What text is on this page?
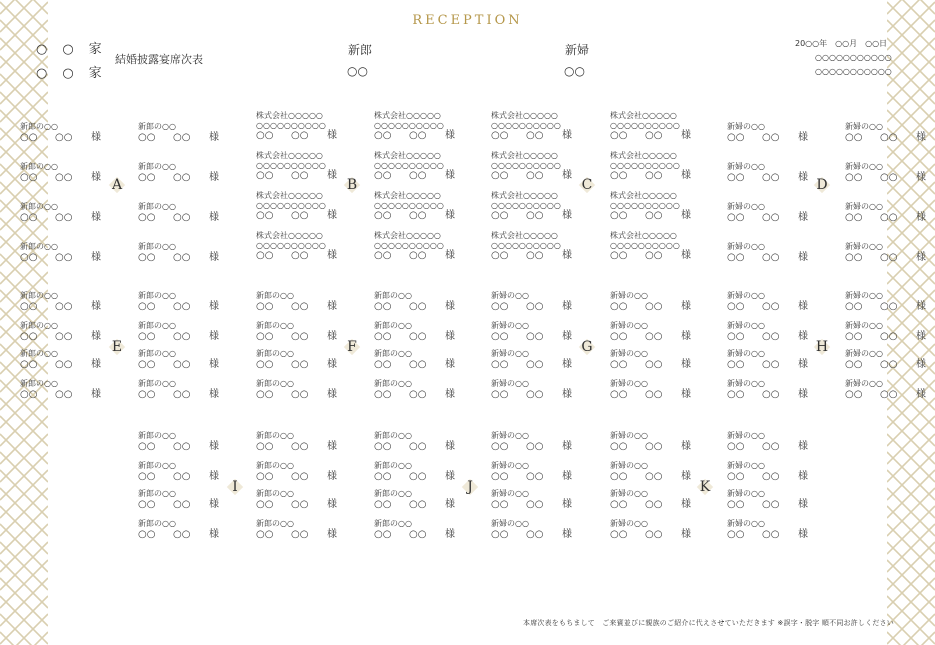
RECEPTION
○　○　家
○　○　家
結婚披露宴席次表
新郎
○○
新婦
○○
20○○年　○○月　○○日
○○○○○○○○○○○
○○○○○○○○○○○
新郎の○○
○○ ○○ 様
新郎の○○
○○ ○○ 様
新郎の○○
○○ ○○ 様
新郎の○○
○○ ○○ 様
新郎の○○
○○ ○○ 様
新郎の○○
○○ ○○ 様
新郎の○○
○○ ○○ 様
新郎の○○
○○ ○○ 様
A
株式会社○○○○○
○○○○○○○○○○
○○ ○○ 様
株式会社○○○○○
○○○○○○○○○○
○○ ○○ 様
株式会社○○○○○
○○○○○○○○○○
○○ ○○ 様
株式会社○○○○○
○○○○○○○○○○
○○ ○○ 様
株式会社○○○○○
○○○○○○○○○○
○○ ○○ 様
株式会社○○○○○
○○○○○○○○○○
○○ ○○ 様
株式会社○○○○○
○○○○○○○○○○
○○ ○○ 様
株式会社○○○○○
○○○○○○○○○○
○○ ○○ 様
B
株式会社○○○○○
○○○○○○○○○○
○○ ○○ 様
株式会社○○○○○
○○○○○○○○○○
○○ ○○ 様
株式会社○○○○○
○○○○○○○○○○
○○ ○○ 様
株式会社○○○○○
○○○○○○○○○○
○○ ○○ 様
株式会社○○○○○
○○○○○○○○○○
○○ ○○ 様
株式会社○○○○○
○○○○○○○○○○
○○ ○○ 様
株式会社○○○○○
○○○○○○○○○○
○○ ○○ 様
株式会社○○○○○
○○○○○○○○○○
○○ ○○ 様
C
新婦の○○
○○ ○○ 様
新婦の○○
○○ ○○ 様
新婦の○○
○○ ○○ 様
新婦の○○
○○ ○○ 様
新婦の○○
○○ ○○ 様
新婦の○○
○○ ○○ 様
新婦の○○
○○ ○○ 様
新婦の○○
○○ ○○ 様
D
新郎の○○
○○ ○○ 様
新郎の○○
○○ ○○ 様
新郎の○○
○○ ○○ 様
新郎の○○
○○ ○○ 様
新郎の○○
○○ ○○ 様
新郎の○○
○○ ○○ 様
新郎の○○
○○ ○○ 様
新郎の○○
○○ ○○ 様
E
新郎の○○
○○ ○○ 様
新郎の○○
○○ ○○ 様
新郎の○○
○○ ○○ 様
新郎の○○
○○ ○○ 様
新郎の○○
○○ ○○ 様
新郎の○○
○○ ○○ 様
新郎の○○
○○ ○○ 様
新郎の○○
○○ ○○ 様
F
新婦の○○
○○ ○○ 様
新婦の○○
○○ ○○ 様
新婦の○○
○○ ○○ 様
新婦の○○
○○ ○○ 様
新婦の○○
○○ ○○ 様
新婦の○○
○○ ○○ 様
新婦の○○
○○ ○○ 様
新婦の○○
○○ ○○ 様
G
新婦の○○
○○ ○○ 様
新婦の○○
○○ ○○ 様
新婦の○○
○○ ○○ 様
新婦の○○
○○ ○○ 様
新婦の○○
○○ ○○ 様
新婦の○○
○○ ○○ 様
新婦の○○
○○ ○○ 様
新婦の○○
○○ ○○ 様
H
新郎の○○
○○ ○○ 様
新郎の○○
○○ ○○ 様
新郎の○○
○○ ○○ 様
新郎の○○
○○ ○○ 様
新郎の○○
○○ ○○ 様
新郎の○○
○○ ○○ 様
新郎の○○
○○ ○○ 様
新郎の○○
○○ ○○ 様
I
新郎の○○
○○ ○○ 様
新郎の○○
○○ ○○ 様
新郎の○○
○○ ○○ 様
新郎の○○
○○ ○○ 様
新婦の○○
○○ ○○ 様
新婦の○○
○○ ○○ 様
新婦の○○
○○ ○○ 様
新婦の○○
○○ ○○ 様
J
新婦の○○
○○ ○○ 様
新婦の○○
○○ ○○ 様
新婦の○○
○○ ○○ 様
新婦の○○
○○ ○○ 様
新婦の○○
○○ ○○ 様
新婦の○○
○○ ○○ 様
新婦の○○
○○ ○○ 様
新婦の○○
○○ ○○ 様
K
本席次表をもちまして　ご来賓並びに親族のご紹介に代えさせていただきます ※誤字・脱字 順不同お許しください
